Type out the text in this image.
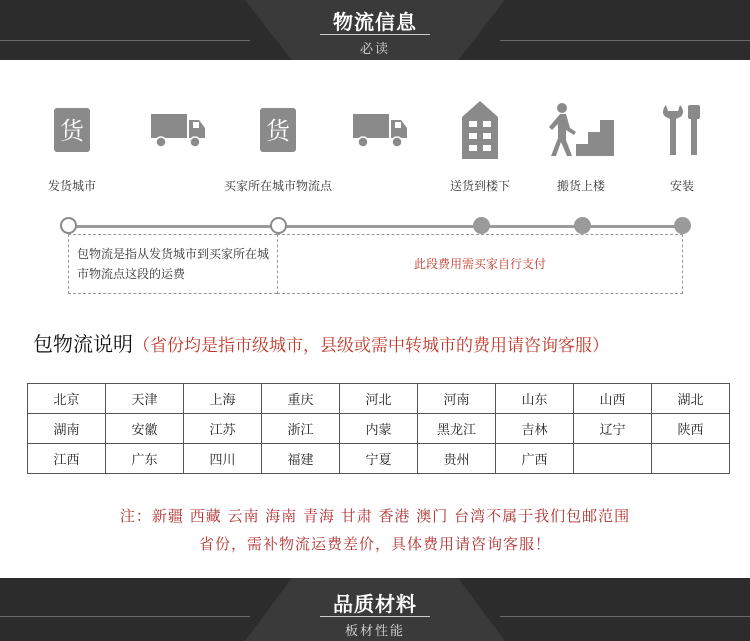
物流信息
必读
货
发货城市
货
买家所在城市物流点	送货到楼下	搬货上楼	安装
包物流是指从发货城市到买家所在城市物流点这段的运费
此段费用需买家自行支付
包物流说明（省份均是指市级城市，县级或需中转城市的费用请咨询客服）
北京	天津	上海	重庆	河北	河南	山东	山西	湖北
湖南	安徽	江苏	浙江	内蒙	黑龙江	吉林	辽宁	陕西
江西	广东	四川	福建	宁夏	贵州	广西		
注：新疆 西藏 云南 海南 青海 甘肃 香港 澳门 台湾不属于我们包邮范围
省份，需补物流运费差价，具体费用请咨询客服！
品质材料
板材性能
